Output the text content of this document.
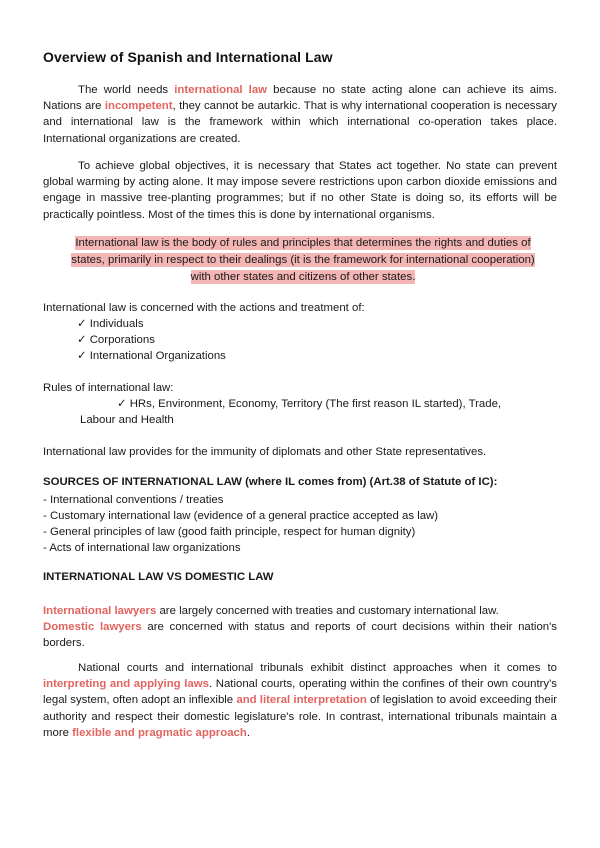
Overview of Spanish and International Law
The world needs international law because no state acting alone can achieve its aims. Nations are incompetent, they cannot be autarkic. That is why international cooperation is necessary and international law is the framework within which international co-operation takes place. International organizations are created.
To achieve global objectives, it is necessary that States act together. No state can prevent global warming by acting alone. It may impose severe restrictions upon carbon dioxide emissions and engage in massive tree-planting programmes; but if no other State is doing so, its efforts will be practically pointless. Most of the times this is done by international organisms.
International law is the body of rules and principles that determines the rights and duties of states, primarily in respect to their dealings (it is the framework for international cooperation) with other states and citizens of other states.
International law is concerned with the actions and treatment of:
✓ Individuals
✓ Corporations
✓ International Organizations
Rules of international law:
✓ HRs, Environment, Economy, Territory (The first reason IL started), Trade,
Labour and Health
International law provides for the immunity of diplomats and other State representatives.
SOURCES OF INTERNATIONAL LAW (where IL comes from) (Art.38 of Statute of IC):
- International conventions / treaties
- Customary international law (evidence of a general practice accepted as law)
- General principles of law (good faith principle, respect for human dignity)
- Acts of international law organizations
INTERNATIONAL LAW VS DOMESTIC LAW
International lawyers are largely concerned with treaties and customary international law.
Domestic lawyers are concerned with status and reports of court decisions within their nation's borders.
National courts and international tribunals exhibit distinct approaches when it comes to interpreting and applying laws. National courts, operating within the confines of their own country's legal system, often adopt an inflexible and literal interpretation of legislation to avoid exceeding their authority and respect their domestic legislature's role. In contrast, international tribunals maintain a more flexible and pragmatic approach.
